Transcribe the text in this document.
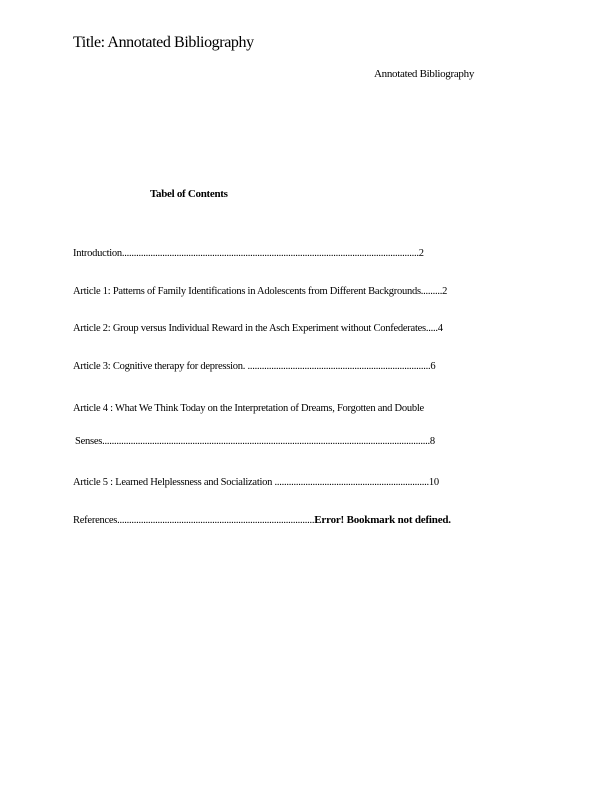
Title: Annotated Bibliography
Annotated Bibliography
Tabel of Contents
Introduction.............................................................................................................................2
Article 1: Patterns of Family Identifications in Adolescents from Different Backgrounds.........2
Article 2: Group versus Individual Reward in the Asch Experiment without Confederates.....4
Article 3: Cognitive therapy for depression. .............................................................................6
Article 4 : What We Think Today on the Interpretation of Dreams, Forgotten and Double
Senses..........................................................................................................................................8
Article 5 : Learned Helplessness and Socialization .................................................................10
References...................................................................................Error! Bookmark not defined.
